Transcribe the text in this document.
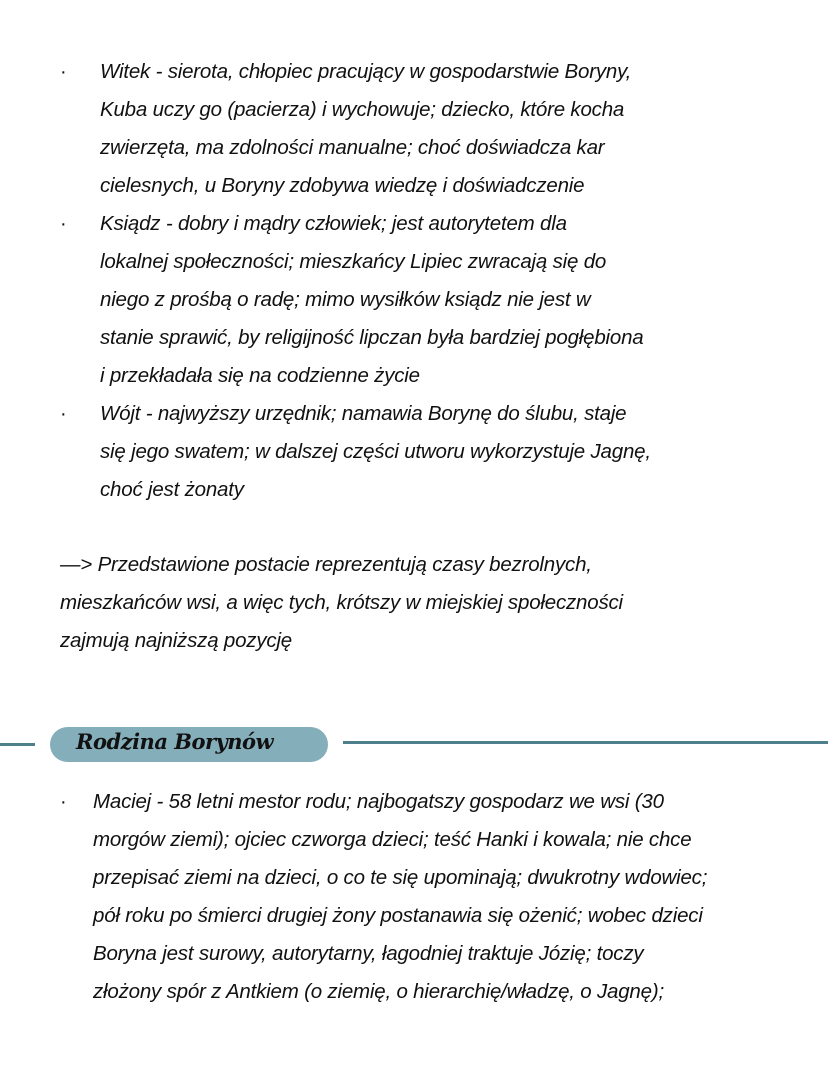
· Witek - sierota, chłopiec pracujący w gospodarstwie Boryny,
Kuba uczy go (pacierza) i wychowuje; dziecko, które kocha
zwierzęta, ma zdolności manualne; choć doświadcza kar
cielesnych, u Boryny zdobywa wiedzę i doświadczenie
· Ksiądz - dobry i mądry człowiek; jest autorytetem dla
lokalnej społeczności; mieszkańcy Lipiec zwracają się do
niego z prośbą o radę; mimo wysiłków ksiądz nie jest w
stanie sprawić, by religijność lipczan była bardziej pogłębiona
i przekładała się na codzienne życie
· Wójt - najwyższy urzędnik; namawia Borynę do ślubu, staje
się jego swatem; w dalszej części utworu wykorzystuje Jagnę,
choć jest żonaty
—> Przedstawione postacie reprezentują czasy bezrolnych,
mieszkańców wsi, a więc tych, krótszy w miejskiej społeczności
zajmują najniższą pozycję
· Maciej - 58 letni mestor rodu; najbogatszy gospodarz we wsi (30
morgów ziemi); ojciec czworga dzieci; teść Hanki i kowala; nie chce
przepisać ziemi na dzieci, o co te się upominają; dwukrotny wdowiec;
pół roku po śmierci drugiej żony postanawia się ożenić; wobec dzieci
Boryna jest surowy, autorytarny, łagodniej traktuje Józię; toczy
złożony spór z Antkiem (o ziemię, o hierarchię/władzę, o Jagnę);
Rodzina Borynów
